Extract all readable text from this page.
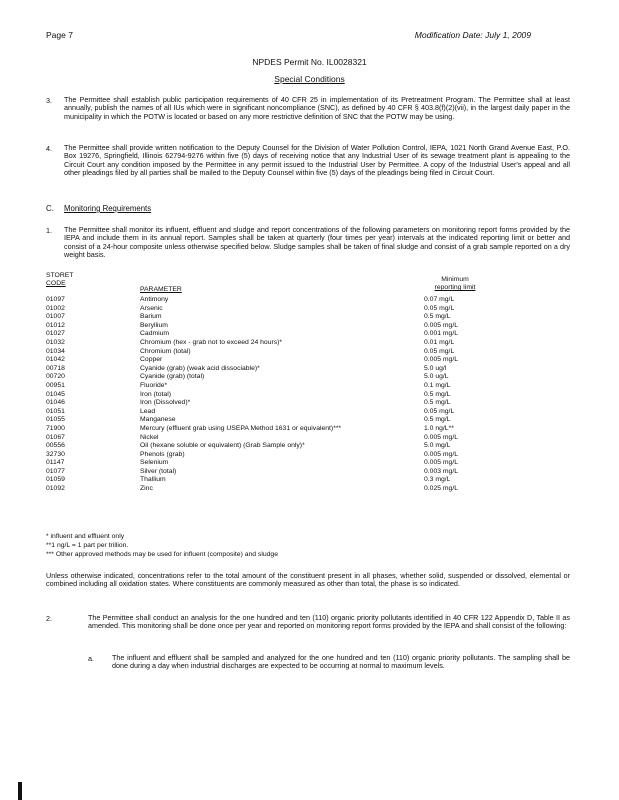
Page 7	Modification Date: July 1, 2009
NPDES Permit No. IL0028321
Special Conditions
3. The Permittee shall establish public participation requirements of 40 CFR 25 in implementation of its Pretreatment Program. The Permittee shall at least annually, publish the names of all IUs which were in significant noncompliance (SNC), as defined by 40 CFR § 403.8(f)(2)(vii), in the largest daily paper in the municipality in which the POTW is located or based on any more restrictive definition of SNC that the POTW may be using.
4. The Permittee shall provide written notification to the Deputy Counsel for the Division of Water Pollution Control, IEPA, 1021 North Grand Avenue East, P.O. Box 19276, Springfield, Illinois 62794-9276 within five (5) days of receiving notice that any Industrial User of its sewage treatment plant is appealing to the Circuit Court any condition imposed by the Permittee in any permit issued to the Industrial User by Permittee. A copy of the Industrial User's appeal and all other pleadings filed by all parties shall be mailed to the Deputy Counsel within five (5) days of the pleadings being filed in Circuit Court.
C. Monitoring Requirements
1. The Permittee shall monitor its influent, effluent and sludge and report concentrations of the following parameters on monitoring report forms provided by the IEPA and include them in its annual report. Samples shall be taken at quarterly (four times per year) intervals at the indicated reporting limit or better and consist of a 24-hour composite unless otherwise specified below. Sludge samples shall be taken of final sludge and consist of a grab sample reported on a dry weight basis.
STORET
CODE
PARAMETER
Minimum
reporting limit
01097	Antimony	0.07 mg/L
01002	Arsenic	0.05 mg/L
01007	Barium	0.5 mg/L
01012	Beryllium	0.005 mg/L
01027	Cadmium	0.001 mg/L
01032	Chromium (hex - grab not to exceed 24 hours)*	0.01 mg/L
01034	Chromium (total)	0.05 mg/L
01042	Copper	0.005 mg/L
00718	Cyanide (grab) (weak acid dissociable)*	5.0 ug/l
00720	Cyanide (grab) (total)	5.0 ug/L
00951	Fluoride*	0.1 mg/L
01045	Iron (total)	0.5 mg/L
01046	Iron (Dissolved)*	0.5 mg/L
01051	Lead	0.05 mg/L
01055	Manganese	0.5 mg/L
71900	Mercury (effluent grab using USEPA Method 1631 or equivalent)***	1.0 ng/L**
01067	Nickel	0.005 mg/L
00556	Oil (hexane soluble or equivalent) (Grab Sample only)*	5.0 mg/L
32730	Phenols (grab)	0.005 mg/L
01147	Selenium	0.005 mg/L
01077	Silver (total)	0.003 mg/L
01059	Thallium	0.3 mg/L
01092	Zinc	0.025 mg/L
* influent and effluent only
**1 ng/L = 1 part per trillion.
*** Other approved methods may be used for influent (composite) and sludge
Unless otherwise indicated, concentrations refer to the total amount of the constituent present in all phases, whether solid, suspended or dissolved, elemental or combined including all oxidation states. Where constituents are commonly measured as other than total, the phase is so indicated.
2.	The Permittee shall conduct an analysis for the one hundred and ten (110) organic priority pollutants identified in 40 CFR 122 Appendix D, Table II as amended. This monitoring shall be done once per year and reported on monitoring report forms provided by the IEPA and shall consist of the following:
a.	The influent and effluent shall be sampled and analyzed for the one hundred and ten (110) organic priority pollutants. The sampling shall be done during a day when industrial discharges are expected to be occurring at normal to maximum levels.
